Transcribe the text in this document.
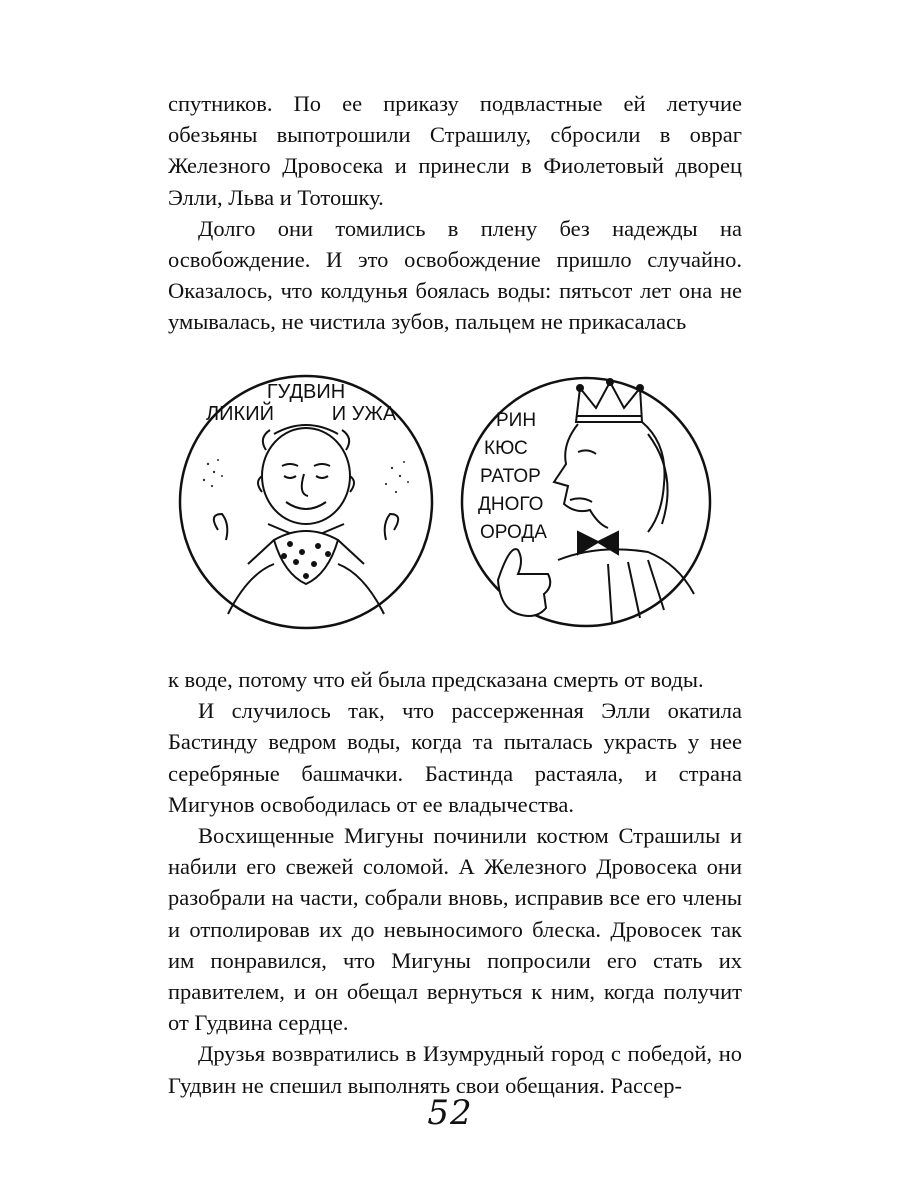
спутников. По ее приказу подвластные ей летучие обезьяны выпотрошили Страшилу, сбросили в овраг Железного Дровосека и принесли в Фиолетовый дворец Элли, Льва и Тотошку.

Долго они томились в плену без надежды на освобождение. И это освобождение пришло случайно. Оказалось, что колдунья боялась воды: пятьсот лет она не умывалась, не чистила зубов, пальцем не прикасалась

ГУДВИН
ЛИКИЙ	И УЖА	РИН
КЮС
РАТОР
ДНОГО
ОРОДА

к воде, потому что ей была предсказана смерть от воды.

И случилось так, что рассерженная Элли окатила Бастинду ведром воды, когда та пыталась украсть у нее серебряные башмачки. Бастинда растаяла, и страна Мигунов освободилась от ее владычества.

Восхищенные Мигуны починили костюм Страшилы и набили его свежей соломой. А Железного Дровосека они разобрали на части, собрали вновь, исправив все его члены и отполировав их до невыносимого блеска. Дровосек так им понравился, что Мигуны попросили его стать их правителем, и он обещал вернуться к ним, когда получит от Гудвина сердце.

Друзья возвратились в Изумрудный город с победой, но Гудвин не спешил выполнять свои обещания. Рассер-

52
